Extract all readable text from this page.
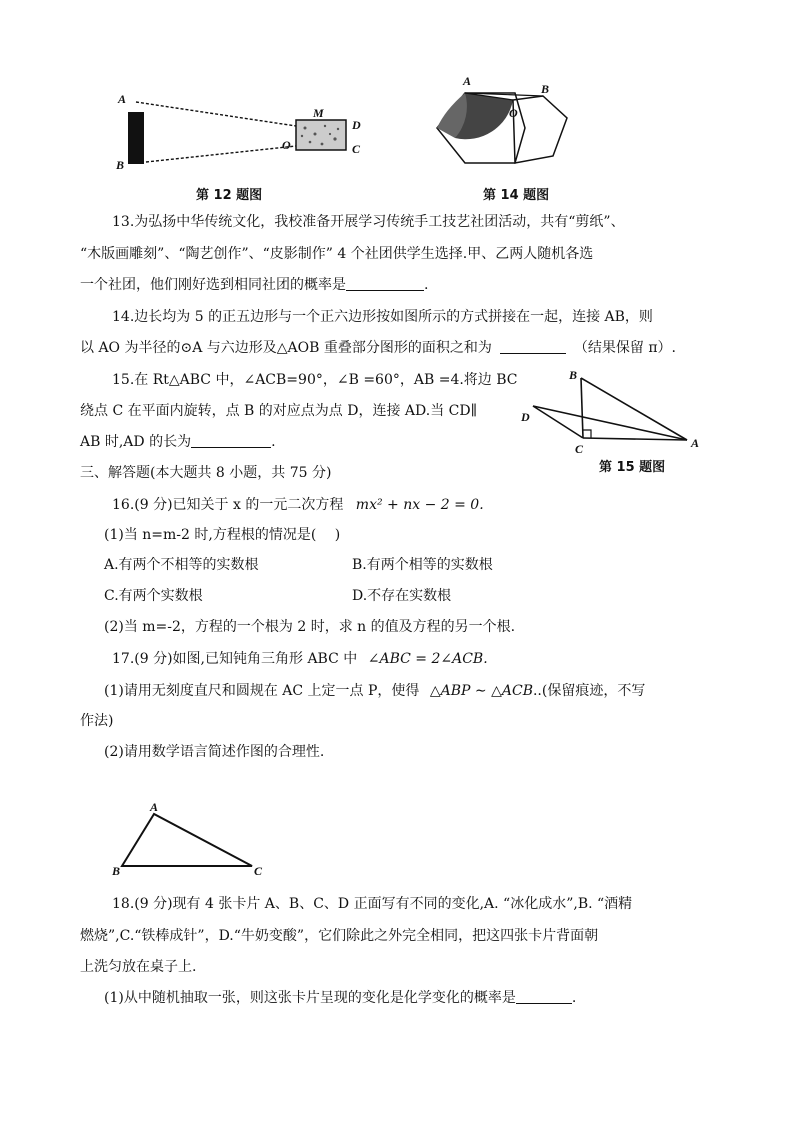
A
B
M
D
O	C
第 12 题图
A
B
O
第 14 题图
13.为弘扬中华传统文化，我校准备开展学习传统手工技艺社团活动，共有“剪纸”、
“木版画雕刻”、“陶艺创作”、“皮影制作” 4 个社团供学生选择.甲、乙两人随机各选
一个社团，他们刚好选到相同社团的概率是	.
14.边长均为 5 的正五边形与一个正六边形按如图所示的方式拼接在一起，连接 AB，则
以 AO 为半径的⊙A 与六边形及△AOB 重叠部分图形的面积之和为	（结果保留 π）.
15.在 Rt△ABC 中，∠ACB=90°，∠B =60°，AB =4.将边 BC
绕点 C 在平面内旋转，点 B 的对应点为点 D，连接 AD.当 CD∥
AB 时,AD 的长为	.
B
D
C	A
第 15 题图
三、解答题(本大题共 8 小题，共 75 分)
16.(9 分)已知关于 x 的一元二次方程 mx² + nx − 2 = 0.
(1)当 n=m-2 时,方程根的情况是(　 )
A.有两个不相等的实数根	B.有两个相等的实数根
C.有两个实数根	D.不存在实数根
(2)当 m=-2，方程的一个根为 2 时，求 n 的值及方程的另一个根.
17.(9 分)如图,已知钝角三角形 ABC 中 ∠ABC = 2∠ACB.
(1)请用无刻度直尺和圆规在 AC 上定一点 P，使得 △ABP ∼ △ACB..(保留痕迹，不写
作法)
(2)请用数学语言简述作图的合理性.
A
B	C
18.(9 分)现有 4 张卡片 A、B、C、D 正面写有不同的变化,A. “冰化成水”,B. “酒精
燃烧”,C.“铁棒成针”，D.“牛奶变酸”，它们除此之外完全相同，把这四张卡片背面朝
上洗匀放在桌子上.
(1)从中随机抽取一张，则这张卡片呈现的变化是化学变化的概率是	.
